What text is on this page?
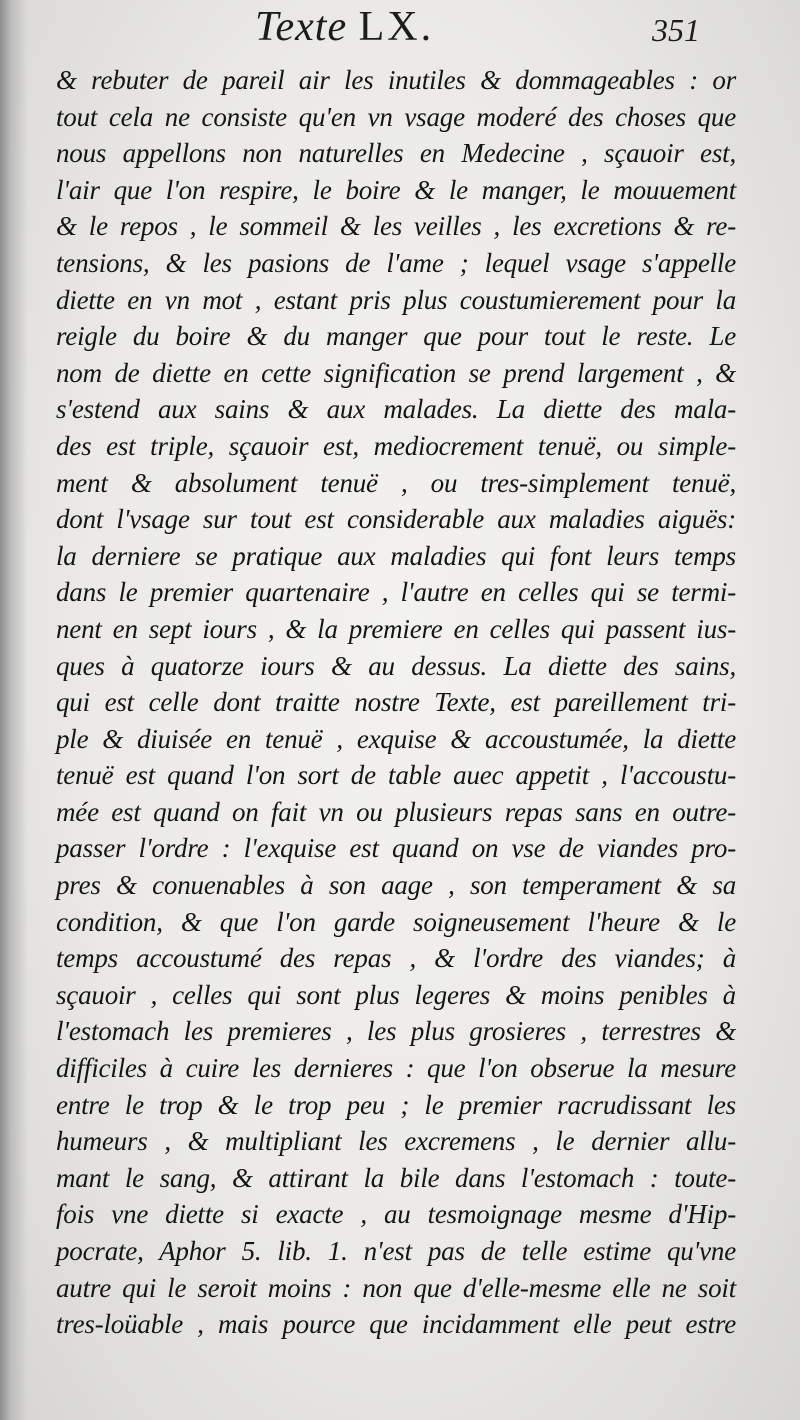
Texte LX.	351
& rebuter de pareil air les inutiles & dommageables : or
tout cela ne consiste qu'en vn vsage moderé des choses que
nous appellons non naturelles en Medecine , sçauoir est,
l'air que l'on respire, le boire & le manger, le mouuement
& le repos , le sommeil & les veilles , les excretions & re-
tensions, & les pasions de l'ame ; lequel vsage s'appelle
diette en vn mot , estant pris plus coustumierement pour la
reigle du boire & du manger que pour tout le reste. Le
nom de diette en cette signification se prend largement , &
s'estend aux sains & aux malades. La diette des mala-
des est triple, sçauoir est, mediocrement tenuë, ou simple-
ment & absolument tenuë , ou tres-simplement tenuë,
dont l'vsage sur tout est considerable aux maladies aiguës:
la derniere se pratique aux maladies qui font leurs temps
dans le premier quartenaire , l'autre en celles qui se termi-
nent en sept iours , & la premiere en celles qui passent ius-
ques à quatorze iours & au dessus. La diette des sains,
qui est celle dont traitte nostre Texte, est pareillement tri-
ple & diuisée en tenuë , exquise & accoustumée, la diette
tenuë est quand l'on sort de table auec appetit , l'accoustu-
mée est quand on fait vn ou plusieurs repas sans en outre-
passer l'ordre : l'exquise est quand on vse de viandes pro-
pres & conuenables à son aage , son temperament & sa
condition, & que l'on garde soigneusement l'heure & le
temps accoustumé des repas , & l'ordre des viandes; à
sçauoir , celles qui sont plus legeres & moins penibles à
l'estomach les premieres , les plus grosieres , terrestres &
difficiles à cuire les dernieres : que l'on obserue la mesure
entre le trop & le trop peu ; le premier racrudissant les
humeurs , & multipliant les excremens , le dernier allu-
mant le sang, & attirant la bile dans l'estomach : toute-
fois vne diette si exacte , au tesmoignage mesme d'Hip-
pocrate, Aphor 5. lib. 1. n'est pas de telle estime qu'vne
autre qui le seroit moins : non que d'elle-mesme elle ne soit
tres-loüable , mais pource que incidamment elle peut estre
